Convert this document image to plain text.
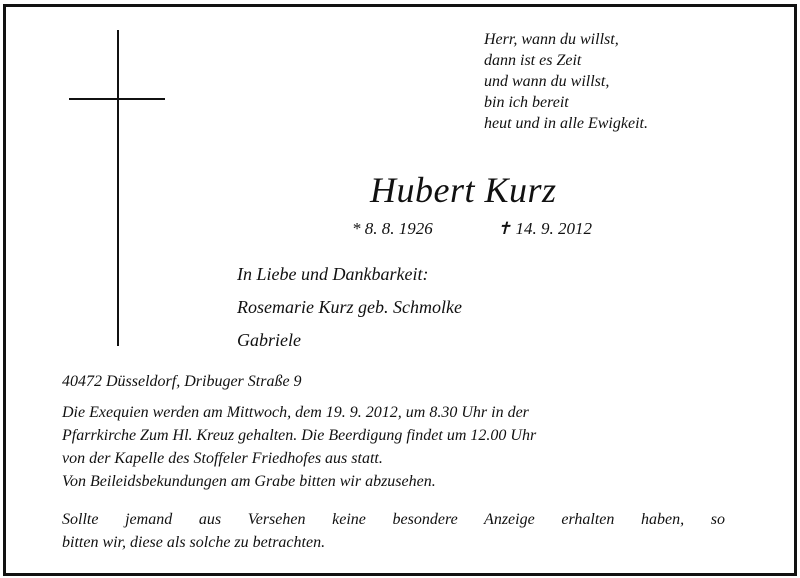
Herr, wann du willst,
dann ist es Zeit
und wann du willst,
bin ich bereit
heut und in alle Ewigkeit.
Hubert Kurz
* 8. 8. 1926	✝ 14. 9. 2012
In Liebe und Dankbarkeit:
Rosemarie Kurz geb. Schmolke
Gabriele
40472 Düsseldorf, Dribuger Straße 9

Die Exequien werden am Mittwoch, dem 19. 9. 2012, um 8.30 Uhr in der
Pfarrkirche Zum Hl. Kreuz gehalten. Die Beerdigung findet um 12.00 Uhr
von der Kapelle des Stoffeler Friedhofes aus statt.
Von Beileidsbekundungen am Grabe bitten wir abzusehen.

Sollte jemand aus Versehen keine besondere Anzeige erhalten haben, so
bitten wir, diese als solche zu betrachten.
